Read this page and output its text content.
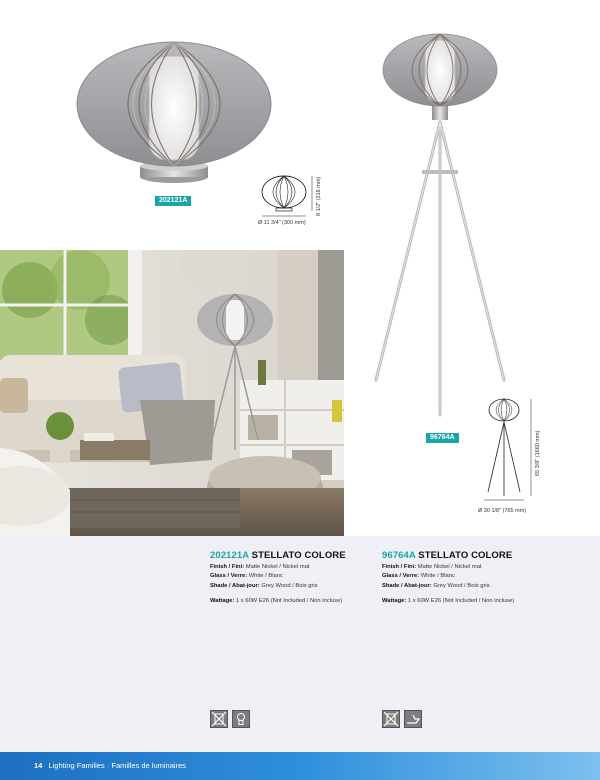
202121A
Ø 11 3/4" (300 mm)
8 1/2" (216 mm)
96764A
Ø 30 1/8" (765 mm)
65 3/8" (1660 mm)
202121A STELLATO COLORE
Finish / Fini: Matte Nickel / Nickel mat
Glass / Verre: White / Blanc
Shade / Abat-jour: Grey Wood / Bois gris
Wattage: 1 x 60W E26 (Not Included / Non incluse)
96764A STELLATO COLORE
Finish / Fini: Matte Nickel / Nickel mat
Glass / Verre: White / Blanc
Shade / Abat-jour: Grey Wood / Bois gris
Wattage: 1 x 60W E26 (Not Included / Non incluse)
14 Lighting Families · Familles de luminaires
